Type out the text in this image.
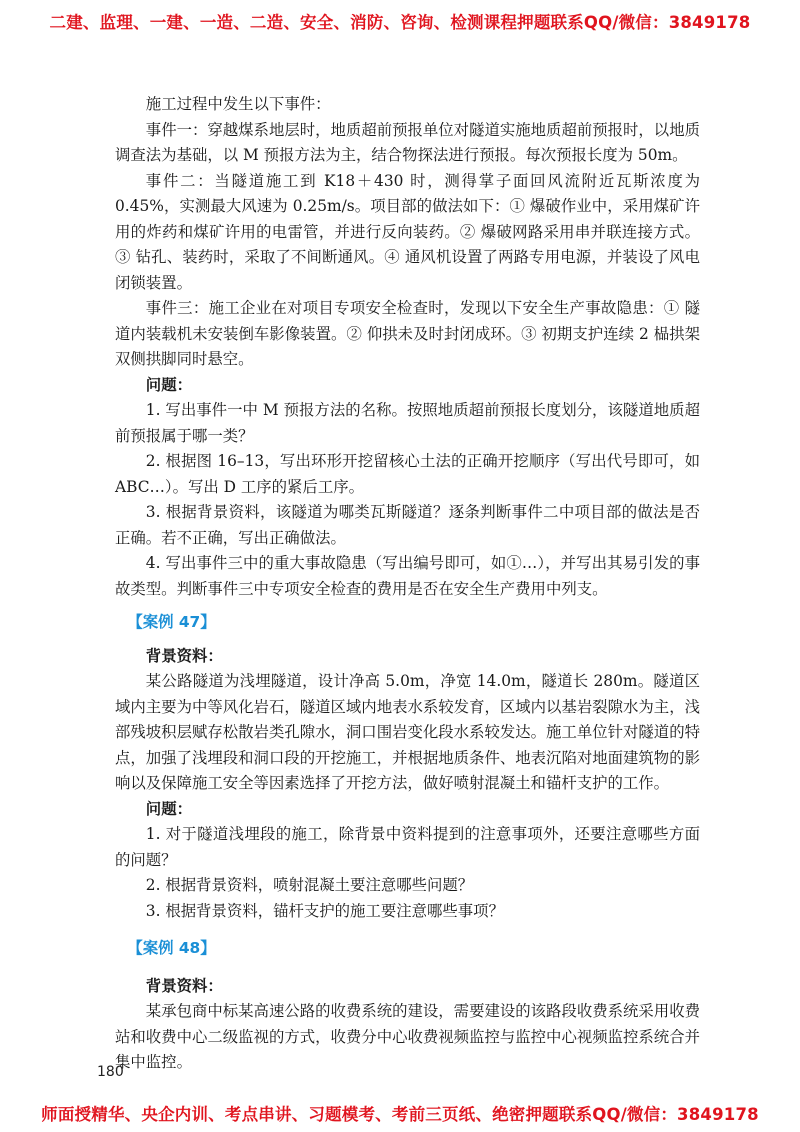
二建、监理、一建、一造、二造、安全、消防、咨询、检测课程押题联系QQ/微信：3849178

施工过程中发生以下事件：

事件一：穿越煤系地层时，地质超前预报单位对隧道实施地质超前预报时，以地质调查法为基础，以 M 预报方法为主，结合物探法进行预报。每次预报长度为 50m。

事件二：当隧道施工到 K18＋430 时，测得掌子面回风流附近瓦斯浓度为 0.45%，实测最大风速为 0.25m/s。项目部的做法如下：① 爆破作业中，采用煤矿许用的炸药和煤矿许用的电雷管，并进行反向装药。② 爆破网路采用串并联连接方式。③ 钻孔、装药时，采取了不间断通风。④ 通风机设置了两路专用电源，并装设了风电闭锁装置。

事件三：施工企业在对项目专项安全检查时，发现以下安全生产事故隐患：① 隧道内装载机未安装倒车影像装置。② 仰拱未及时封闭成环。③ 初期支护连续 2 榀拱架双侧拱脚同时悬空。

问题：

1. 写出事件一中 M 预报方法的名称。按照地质超前预报长度划分，该隧道地质超前预报属于哪一类？

2. 根据图 16–13，写出环形开挖留核心土法的正确开挖顺序（写出代号即可，如 ABC…）。写出 D 工序的紧后工序。

3. 根据背景资料，该隧道为哪类瓦斯隧道？逐条判断事件二中项目部的做法是否正确。若不正确，写出正确做法。

4. 写出事件三中的重大事故隐患（写出编号即可，如①…），并写出其易引发的事故类型。判断事件三中专项安全检查的费用是否在安全生产费用中列支。

【案例 47】

背景资料：

某公路隧道为浅埋隧道，设计净高 5.0m，净宽 14.0m，隧道长 280m。隧道区域内主要为中等风化岩石，隧道区域内地表水系较发育，区域内以基岩裂隙水为主，浅部残坡积层赋存松散岩类孔隙水，洞口围岩变化段水系较发达。施工单位针对隧道的特点，加强了浅埋段和洞口段的开挖施工，并根据地质条件、地表沉陷对地面建筑物的影响以及保障施工安全等因素选择了开挖方法，做好喷射混凝土和锚杆支护的工作。

问题：

1. 对于隧道浅埋段的施工，除背景中资料提到的注意事项外，还要注意哪些方面的问题？

2. 根据背景资料，喷射混凝土要注意哪些问题？

3. 根据背景资料，锚杆支护的施工要注意哪些事项？

【案例 48】

背景资料：

某承包商中标某高速公路的收费系统的建设，需要建设的该路段收费系统采用收费站和收费中心二级监视的方式，收费分中心收费视频监控与监控中心视频监控系统合并集中监控。

180
师面授精华、央企内训、考点串讲、习题模考、考前三页纸、绝密押题联系QQ/微信：3849178
